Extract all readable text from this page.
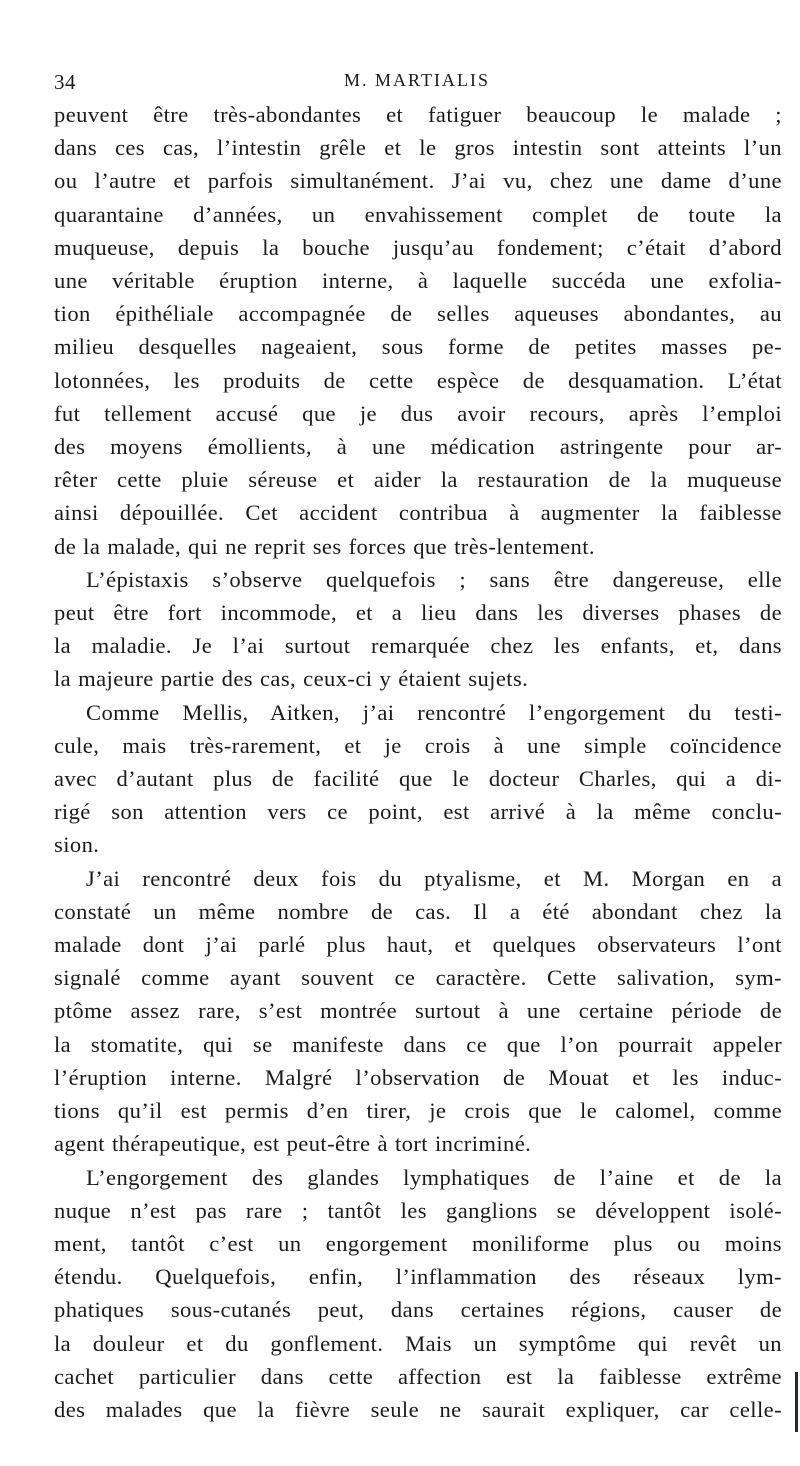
34	M. MARTIALIS
peuvent être très-abondantes et fatiguer beaucoup le malade ;
dans ces cas, l’intestin grêle et le gros intestin sont atteints l’un
ou l’autre et parfois simultanément. J’ai vu, chez une dame d’une
quarantaine d’années, un envahissement complet de toute la
muqueuse, depuis la bouche jusqu’au fondement; c’était d’abord
une véritable éruption interne, à laquelle succéda une exfolia-
tion épithéliale accompagnée de selles aqueuses abondantes, au
milieu desquelles nageaient, sous forme de petites masses pe-
lotonnées, les produits de cette espèce de desquamation. L’état
fut tellement accusé que je dus avoir recours, après l’emploi
des moyens émollients, à une médication astringente pour ar-
rêter cette pluie séreuse et aider la restauration de la muqueuse
ainsi dépouillée. Cet accident contribua à augmenter la faiblesse
de la malade, qui ne reprit ses forces que très-lentement.
L’épistaxis s’observe quelquefois ; sans être dangereuse, elle
peut être fort incommode, et a lieu dans les diverses phases de
la maladie. Je l’ai surtout remarquée chez les enfants, et, dans
la majeure partie des cas, ceux-ci y étaient sujets.
Comme Mellis, Aitken, j’ai rencontré l’engorgement du testi-
cule, mais très-rarement, et je crois à une simple coïncidence
avec d’autant plus de facilité que le docteur Charles, qui a di-
rigé son attention vers ce point, est arrivé à la même conclu-
sion.
J’ai rencontré deux fois du ptyalisme, et M. Morgan en a
constaté un même nombre de cas. Il a été abondant chez la
malade dont j’ai parlé plus haut, et quelques observateurs l’ont
signalé comme ayant souvent ce caractère. Cette salivation, sym-
ptôme assez rare, s’est montrée surtout à une certaine période de
la stomatite, qui se manifeste dans ce que l’on pourrait appeler
l’éruption interne. Malgré l’observation de Mouat et les induc-
tions qu’il est permis d’en tirer, je crois que le calomel, comme
agent thérapeutique, est peut-être à tort incriminé.
L’engorgement des glandes lymphatiques de l’aine et de la
nuque n’est pas rare ; tantôt les ganglions se développent isolé-
ment, tantôt c’est un engorgement moniliforme plus ou moins
étendu. Quelquefois, enfin, l’inflammation des réseaux lym-
phatiques sous-cutanés peut, dans certaines régions, causer de
la douleur et du gonflement. Mais un symptôme qui revêt un
cachet particulier dans cette affection est la faiblesse extrême
des malades que la fièvre seule ne saurait expliquer, car celle-
